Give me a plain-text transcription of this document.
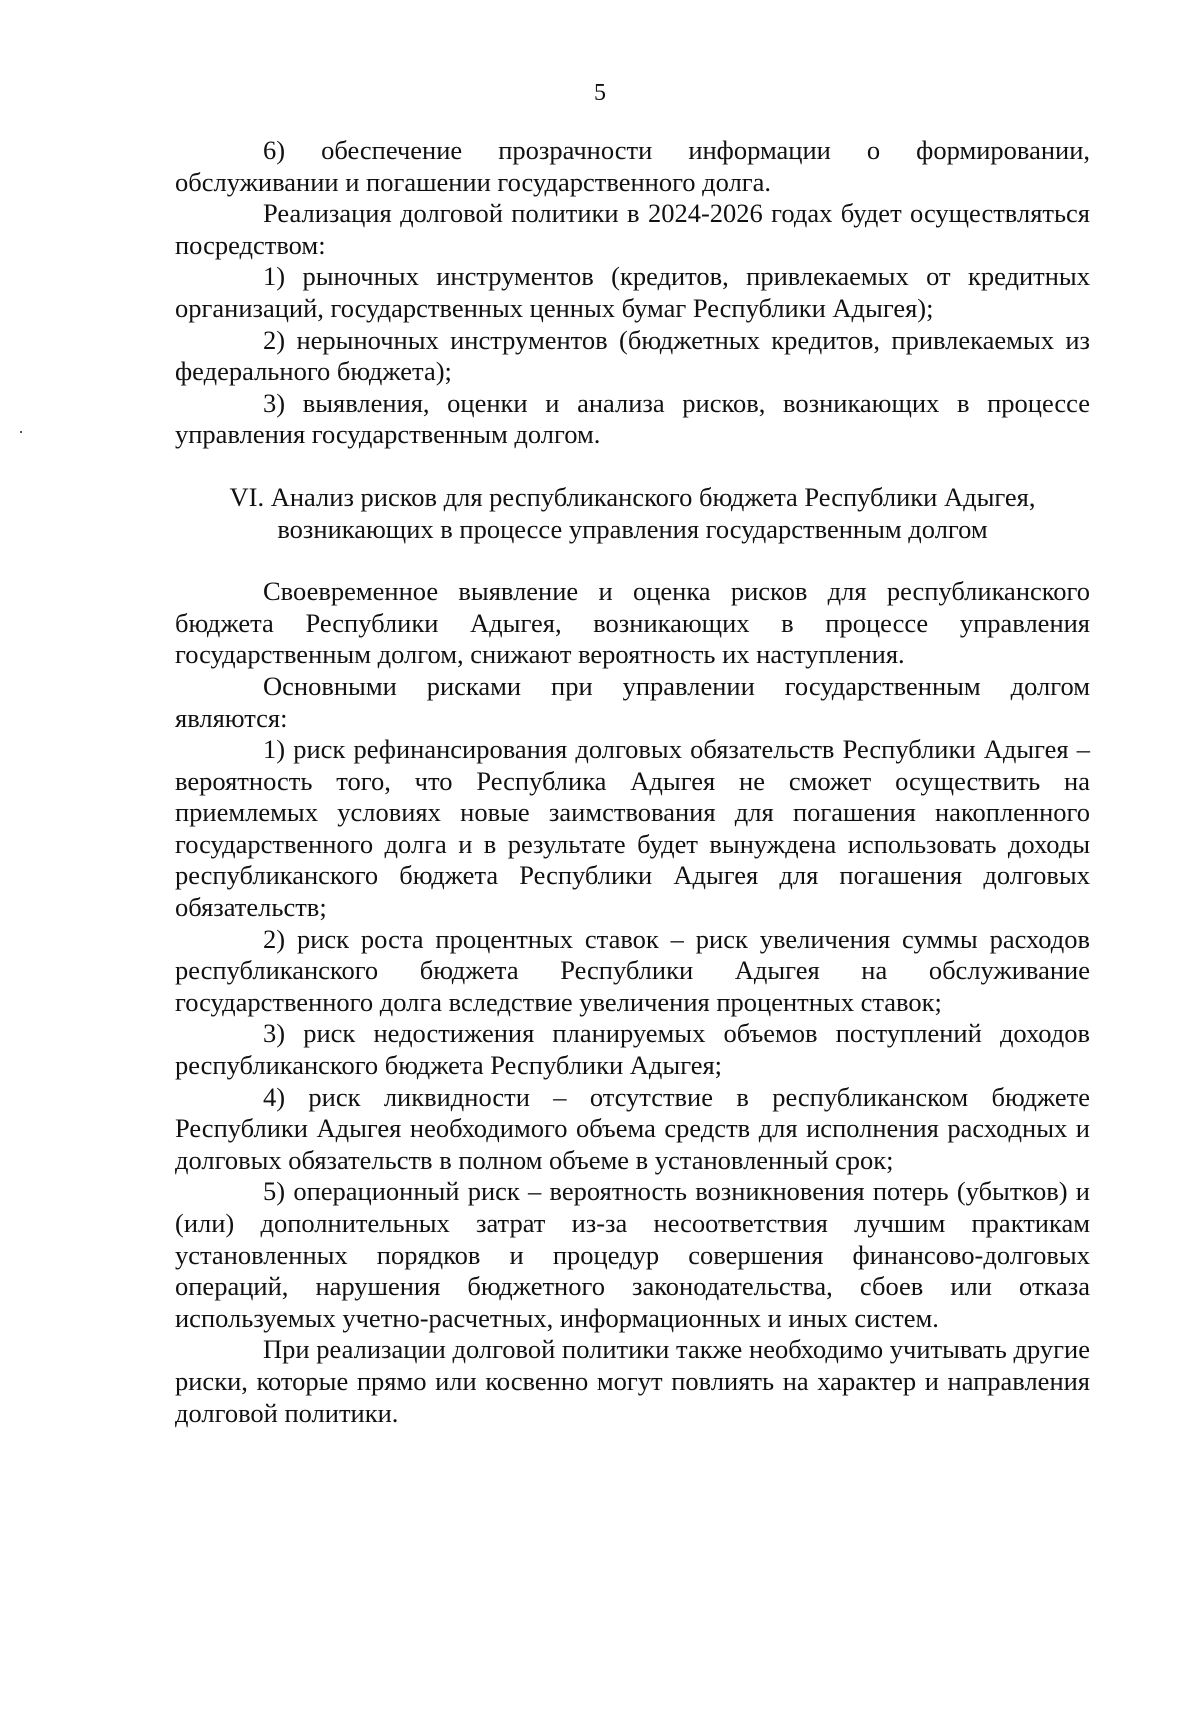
5

6) обеспечение прозрачности информации о формировании, обслуживании и погашении государственного долга.

Реализация долговой политики в 2024-2026 годах будет осуществляться посредством:

1) рыночных инструментов (кредитов, привлекаемых от кредитных организаций, государственных ценных бумаг Республики Адыгея);

2) нерыночных инструментов (бюджетных кредитов, привлекаемых из федерального бюджета);

3) выявления, оценки и анализа рисков, возникающих в процессе управления государственным долгом.

VI. Анализ рисков для республиканского бюджета Республики Адыгея,
возникающих в процессе управления государственным долгом

Своевременное выявление и оценка рисков для республиканского бюджета Республики Адыгея, возникающих в процессе управления государственным долгом, снижают вероятность их наступления.

Основными рисками при управлении государственным долгом являются:

1) риск рефинансирования долговых обязательств Республики Адыгея – вероятность того, что Республика Адыгея не сможет осуществить на приемлемых условиях новые заимствования для погашения накопленного государственного долга и в результате будет вынуждена использовать доходы республиканского бюджета Республики Адыгея для погашения долговых обязательств;

2) риск роста процентных ставок – риск увеличения суммы расходов республиканского бюджета Республики Адыгея на обслуживание государственного долга вследствие увеличения процентных ставок;

3) риск недостижения планируемых объемов поступлений доходов республиканского бюджета Республики Адыгея;

4) риск ликвидности – отсутствие в республиканском бюджете Республики Адыгея необходимого объема средств для исполнения расходных и долговых обязательств в полном объеме в установленный срок;

5) операционный риск – вероятность возникновения потерь (убытков) и (или) дополнительных затрат из-за несоответствия лучшим практикам установленных порядков и процедур совершения финансово-долговых операций, нарушения бюджетного законодательства, сбоев или отказа используемых учетно-расчетных, информационных и иных систем.

При реализации долговой политики также необходимо учитывать другие риски, которые прямо или косвенно могут повлиять на характер и направления долговой политики.
